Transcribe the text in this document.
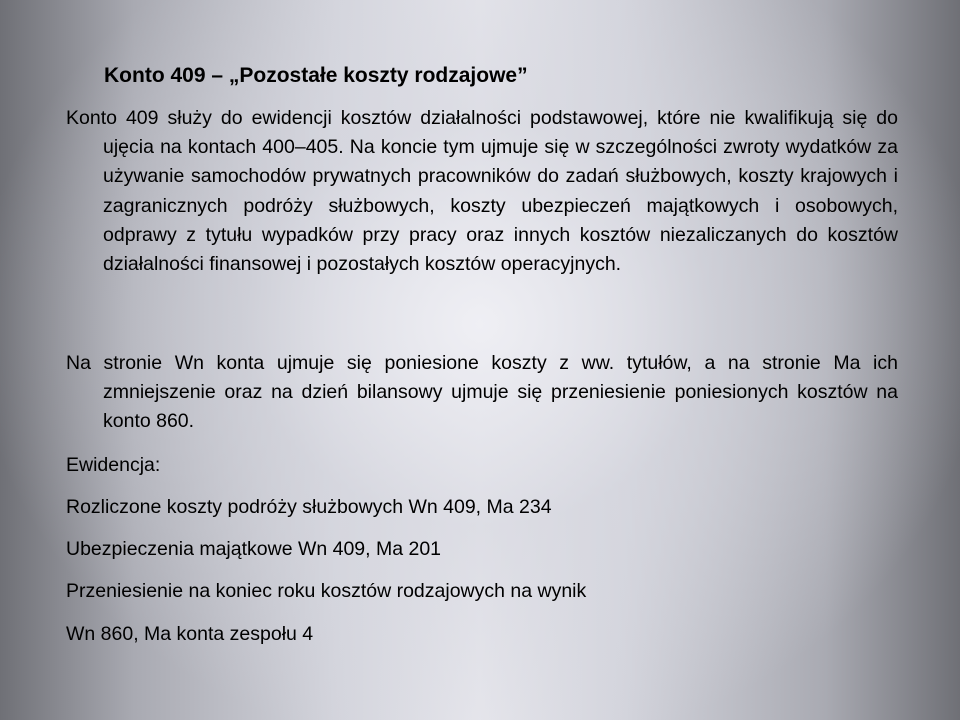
Konto 409 – „Pozostałe koszty rodzajowe”

Konto 409 służy do ewidencji kosztów działalności podstawowej, które nie kwalifikują się do ujęcia na kontach 400–405. Na koncie tym ujmuje się w szczególności zwroty wydatków za używanie samochodów prywatnych pracowników do zadań służbowych, koszty krajowych i zagranicznych podróży służbowych, koszty ubezpieczeń majątkowych i osobowych, odprawy z tytułu wypadków przy pracy oraz innych kosztów niezaliczanych do kosztów działalności finansowej i pozostałych kosztów operacyjnych.

Na stronie Wn konta ujmuje się poniesione koszty z ww. tytułów, a na stronie Ma ich zmniejszenie oraz na dzień bilansowy ujmuje się przeniesienie poniesionych kosztów na konto 860.

Ewidencja:
Rozliczone koszty podróży służbowych Wn 409, Ma 234
Ubezpieczenia majątkowe Wn 409, Ma 201
Przeniesienie na koniec roku kosztów rodzajowych na wynik
Wn 860, Ma konta zespołu 4
